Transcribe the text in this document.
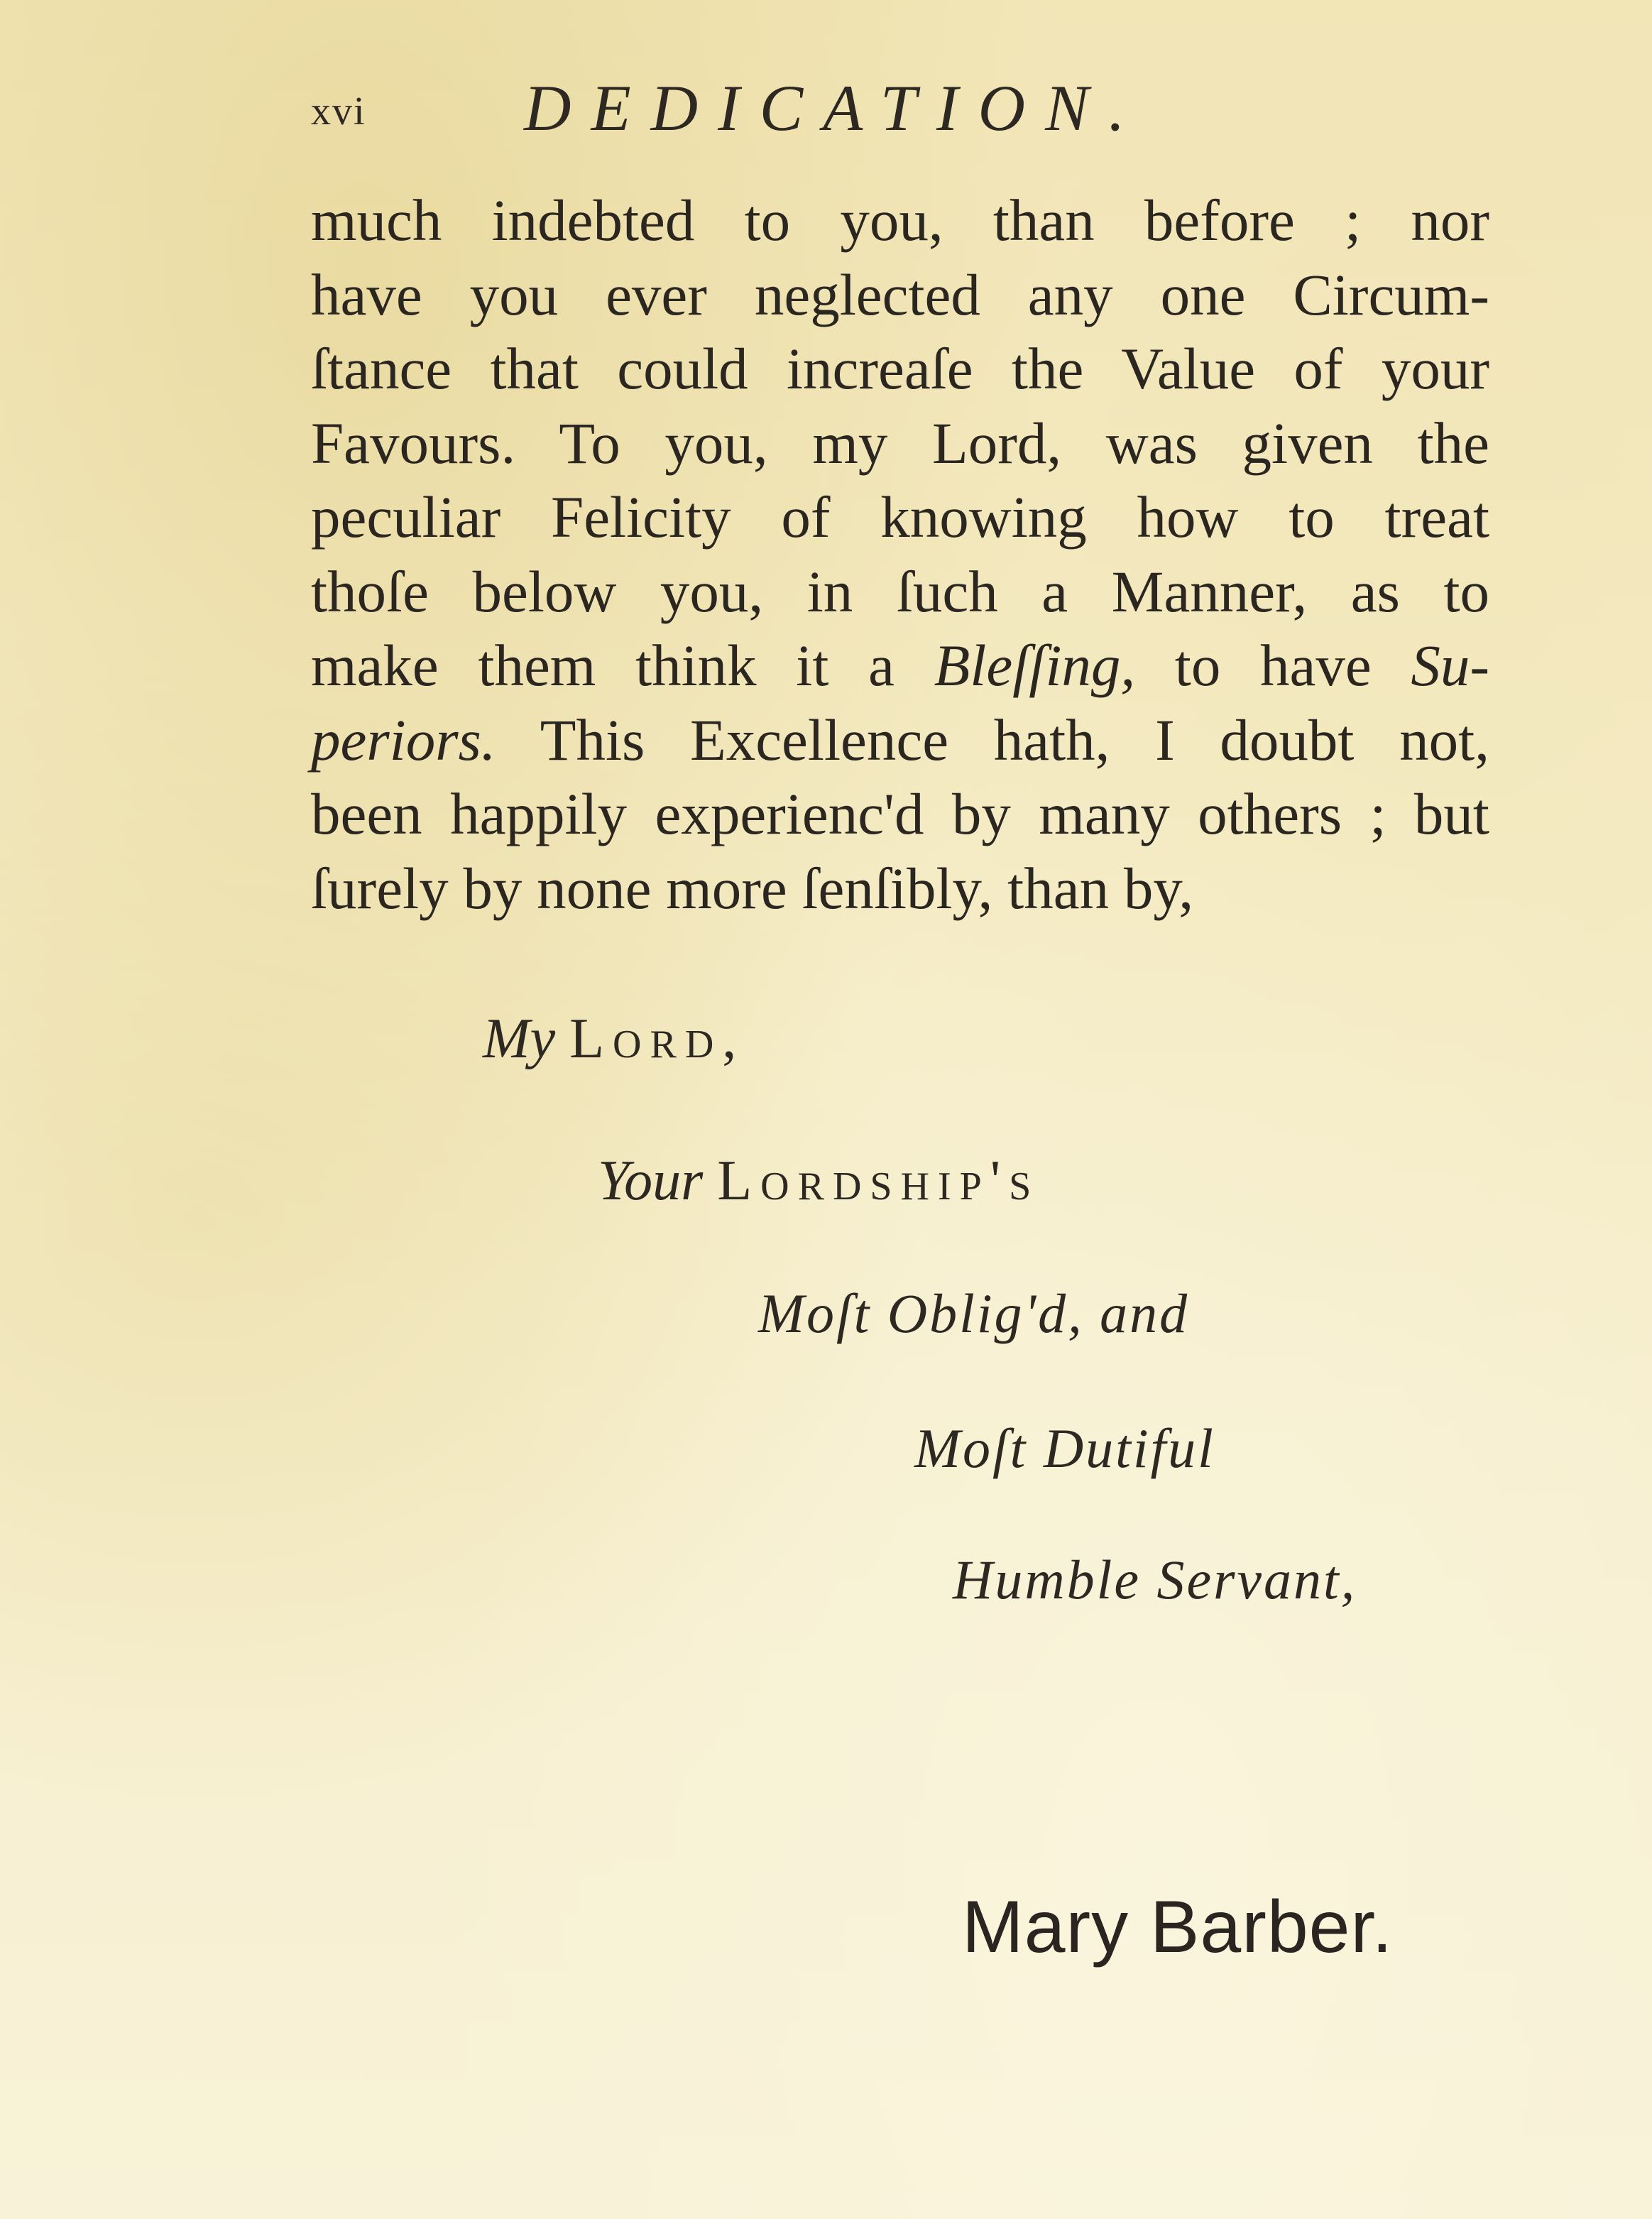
xvi DEDICATION.
much indebted to you, than before ; nor
have you ever neglected any one Circum-
ſtance that could increaſe the Value of your
Favours. To you, my Lord, was given the
peculiar Felicity of knowing how to treat
thoſe below you, in ſuch a Manner, as to
make them think it a Bleſſing, to have Su-
periors. This Excellence hath, I doubt not,
been happily experienc'd by many others ; but
ſurely by none more ſenſibly, than by,
My Lord,
Your Lordship's
Moſt Oblig'd, and
Moſt Dutiful
Humble Servant,
Mary Barber.
